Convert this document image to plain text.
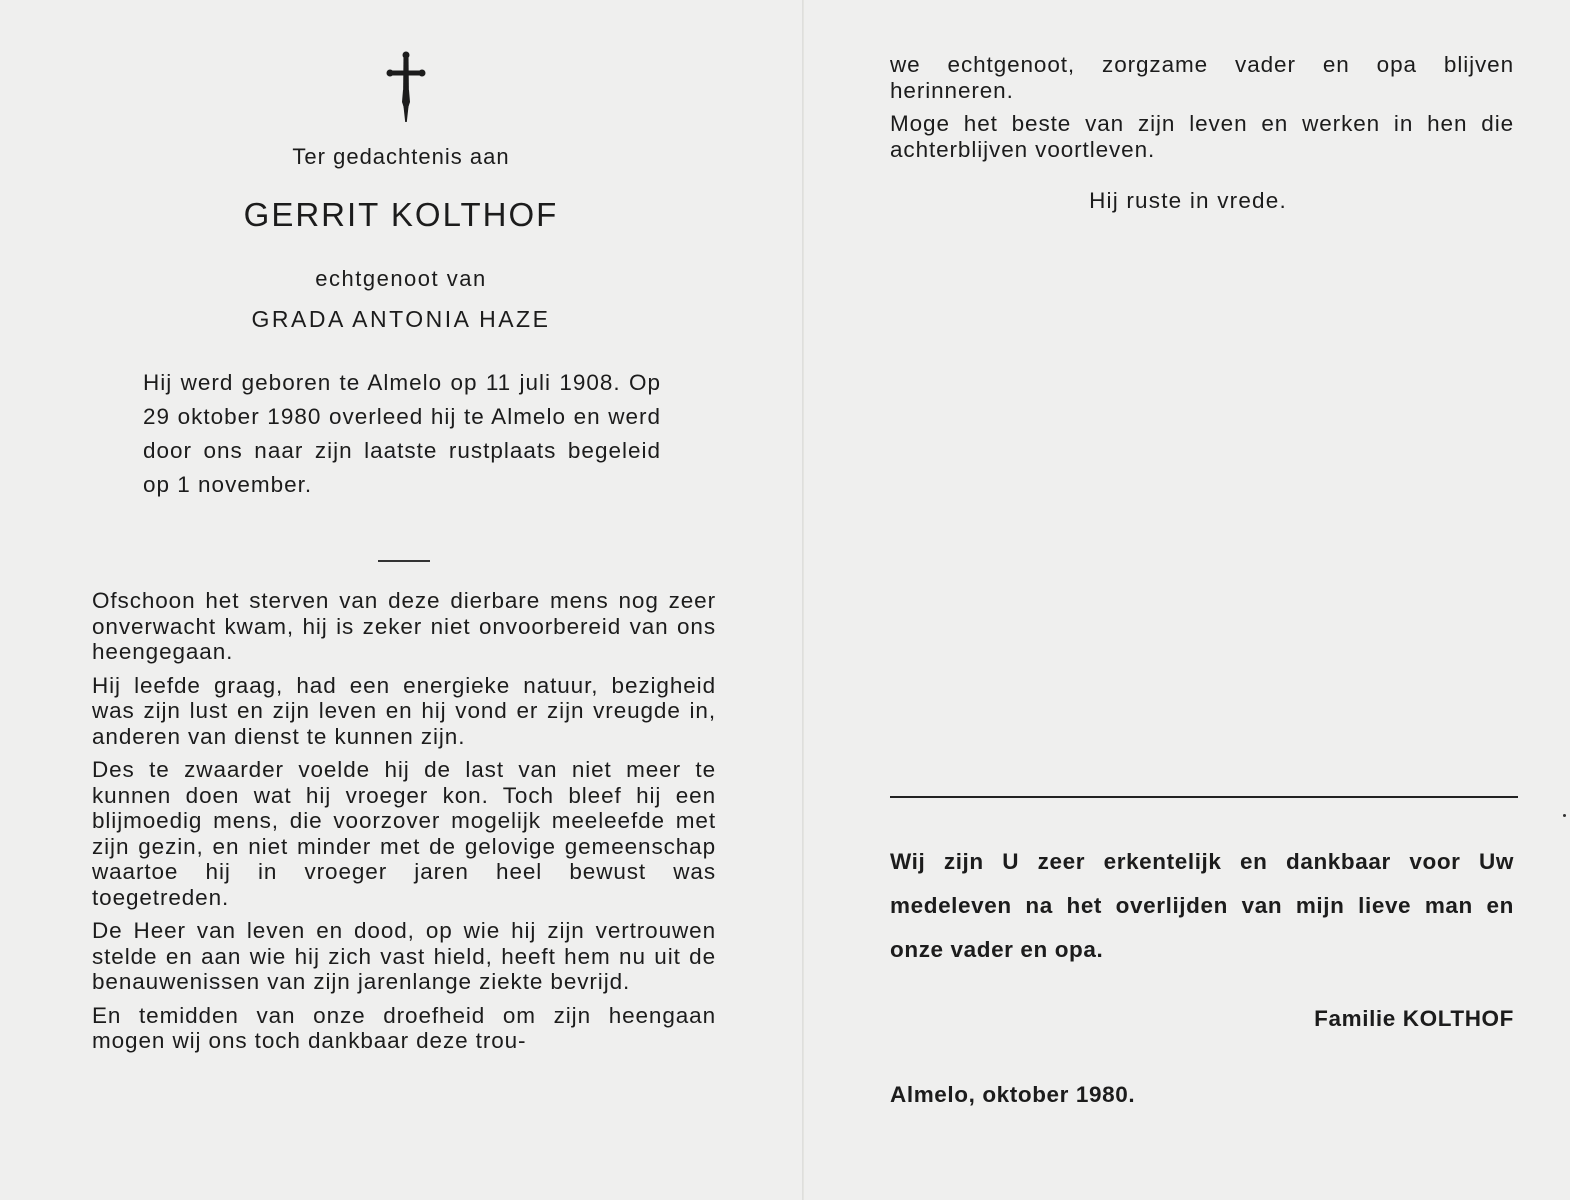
Ter gedachtenis aan

GERRIT KOLTHOF

echtgenoot van

GRADA ANTONIA HAZE

Hij werd geboren te Almelo op 11 juli 1908. Op 29 oktober 1980 overleed hij te Almelo en werd door ons naar zijn laatste rustplaats begeleid op 1 november.

Ofschoon het sterven van deze dierbare mens nog zeer onverwacht kwam, hij is zeker niet onvoorbereid van ons heengegaan.

Hij leefde graag, had een energieke natuur, bezigheid was zijn lust en zijn leven en hij vond er zijn vreugde in, anderen van dienst te kunnen zijn.

Des te zwaarder voelde hij de last van niet meer te kunnen doen wat hij vroeger kon. Toch bleef hij een blijmoedig mens, die voorzover mogelijk meeleefde met zijn gezin, en niet minder met de gelovige gemeenschap waartoe hij in vroeger jaren heel bewust was toegetreden.

De Heer van leven en dood, op wie hij zijn vertrouwen stelde en aan wie hij zich vast hield, heeft hem nu uit de benauwenissen van zijn jarenlange ziekte bevrijd.

En temidden van onze droefheid om zijn heengaan mogen wij ons toch dankbaar deze trou-

we echtgenoot, zorgzame vader en opa blijven herinneren.

Moge het beste van zijn leven en werken in hen die achterblijven voortleven.

Hij ruste in vrede.

Wij zijn U zeer erkentelijk en dankbaar voor Uw medeleven na het overlijden van mijn lieve man en onze vader en opa.

Familie KOLTHOF

Almelo, oktober 1980.
